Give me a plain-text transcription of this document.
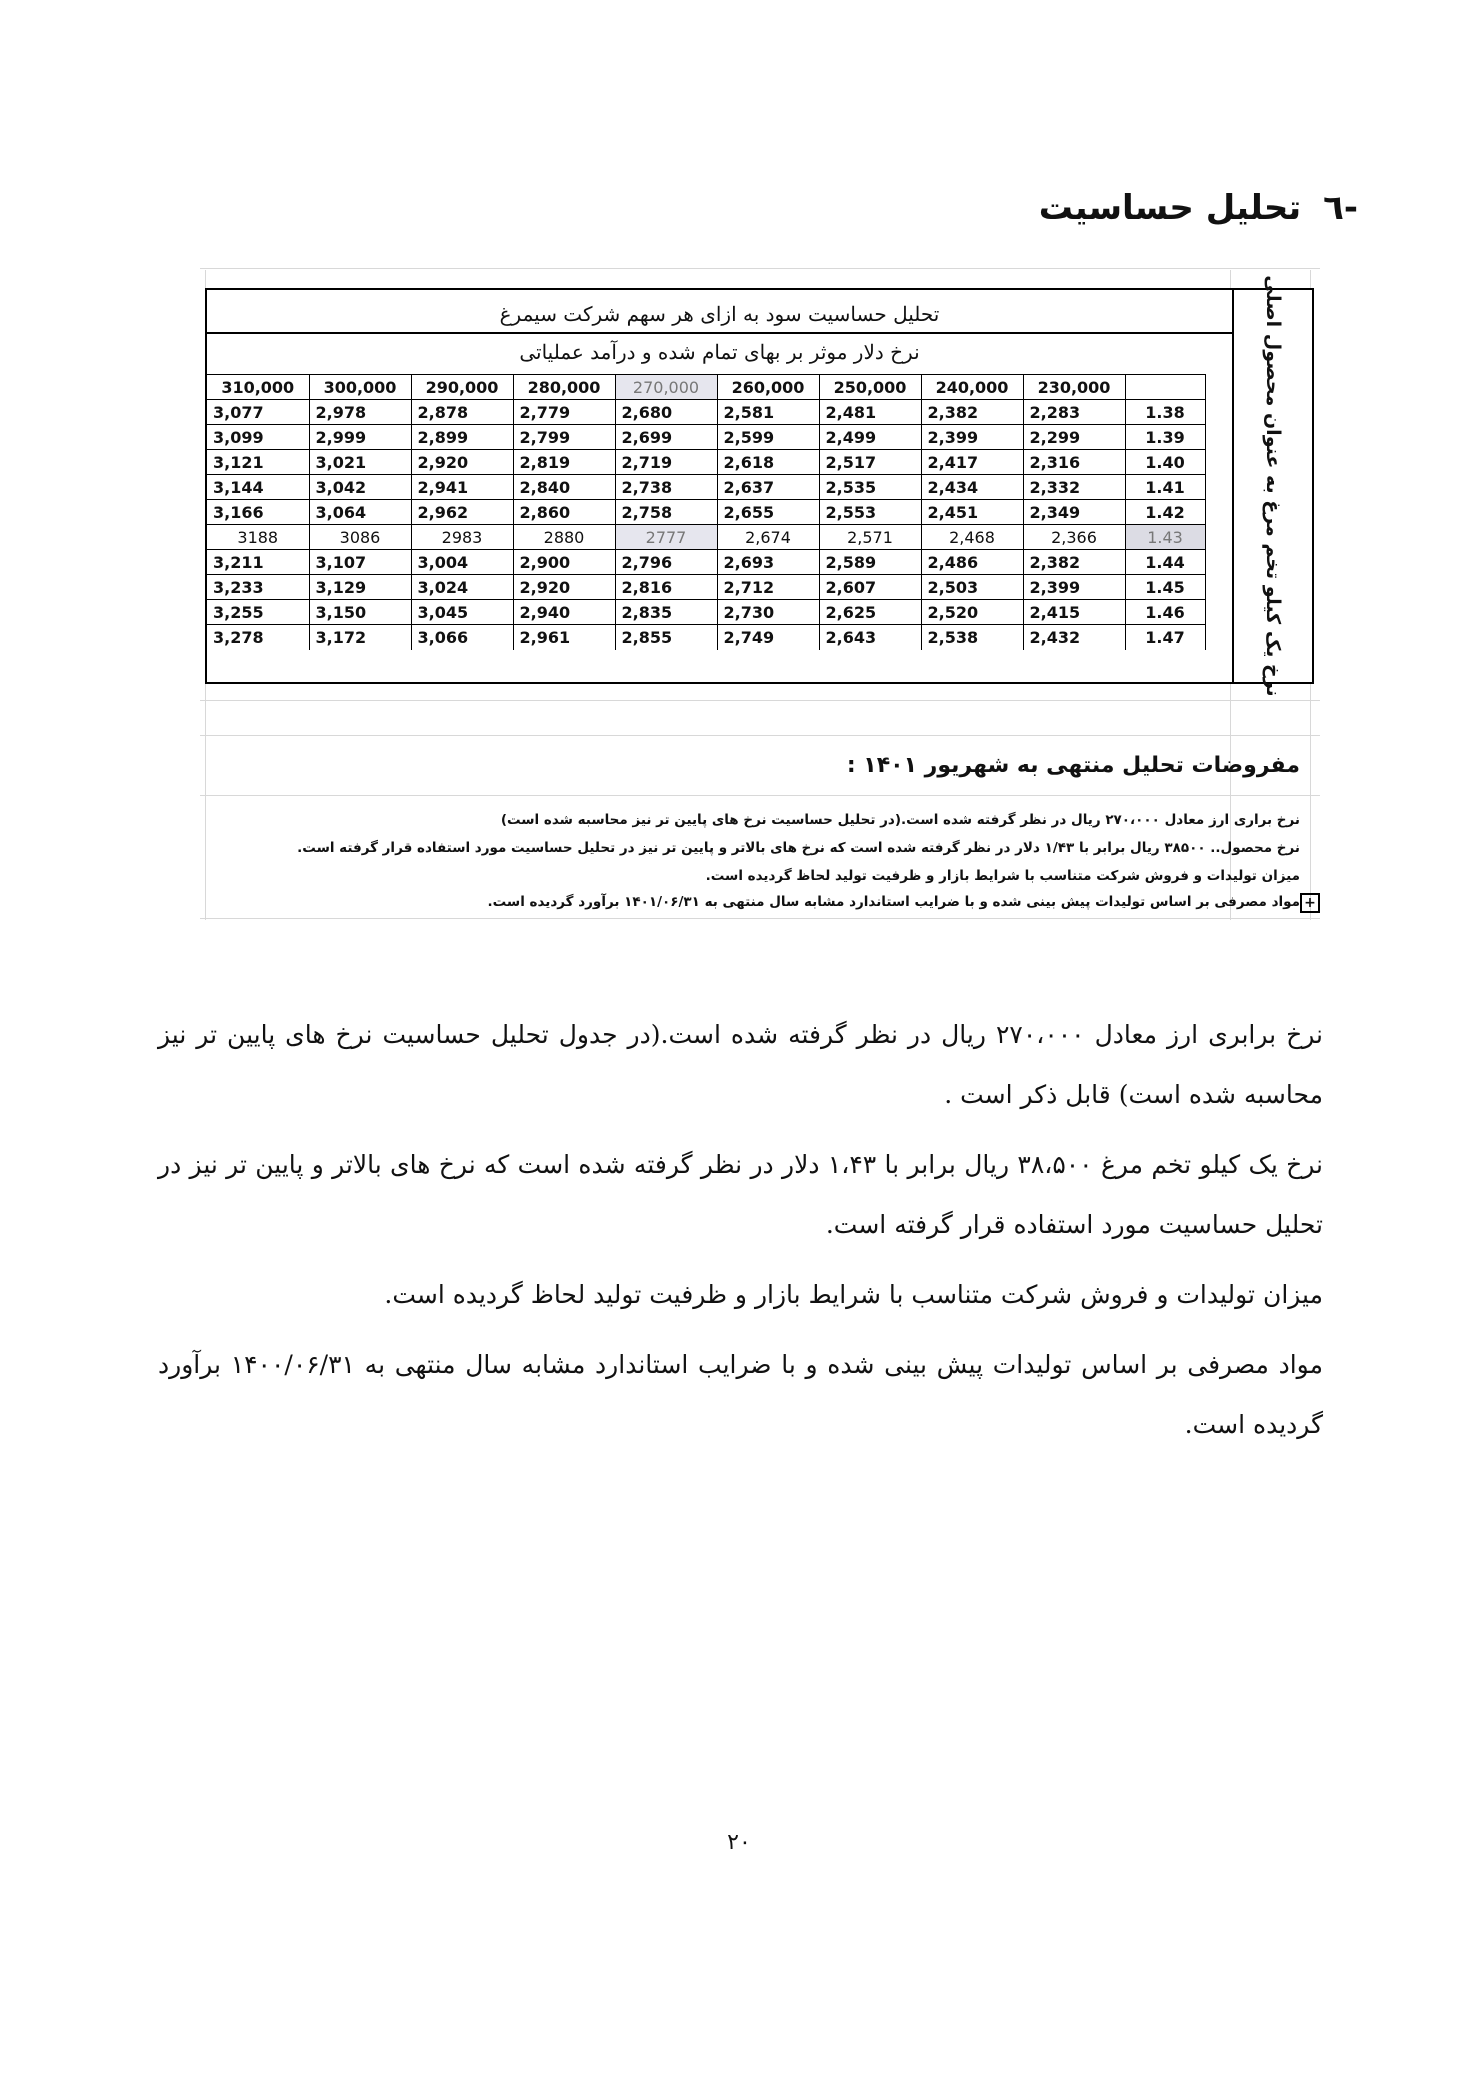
-٦تحلیل حساسیت
تحلیل حساسیت سود به ازای هر سهم شرکت سیمرغ
نرخ دلار موثر بر بهای تمام شده و درآمد عملیاتی
310,000	300,000	290,000	280,000	270,000	260,000	250,000	240,000	230,000	
3,077	2,978	2,878	2,779	2,680	2,581	2,481	2,382	2,283	1.38
3,099	2,999	2,899	2,799	2,699	2,599	2,499	2,399	2,299	1.39
3,121	3,021	2,920	2,819	2,719	2,618	2,517	2,417	2,316	1.40
3,144	3,042	2,941	2,840	2,738	2,637	2,535	2,434	2,332	1.41
3,166	3,064	2,962	2,860	2,758	2,655	2,553	2,451	2,349	1.42
3188	3086	2983	2880	2777	2,674	2,571	2,468	2,366	1.43
3,211	3,107	3,004	2,900	2,796	2,693	2,589	2,486	2,382	1.44
3,233	3,129	3,024	2,920	2,816	2,712	2,607	2,503	2,399	1.45
3,255	3,150	3,045	2,940	2,835	2,730	2,625	2,520	2,415	1.46
3,278	3,172	3,066	2,961	2,855	2,749	2,643	2,538	2,432	1.47	نرخ یک کیلو تخم مرغ به عنوان محصول اصلی
مفروضات تحلیل منتهی به شهریور ۱۴۰۱ :
نرخ براری ارز معادل ۲۷۰،۰۰۰ ریال در نظر گرفته شده است.(در تحلیل حساسیت نرخ های پایین تر نیز محاسبه شده است)
نرخ محصول.. ۳۸۵۰۰ ریال برابر با ۱/۴۳ دلار در نظر گرفته شده است که نرخ های بالاتر و پایین تر نیز در تحلیل حساسیت مورد استفاده قرار گرفته است.
میزان تولیدات و فروش شرکت متناسب با شرایط بازار و ظرفیت تولید لحاظ گردیده است.
مواد مصرفی بر اساس تولیدات پیش بینی شده و با ضرایب استاندارد مشابه سال منتهی به ۱۴۰۱/۰۶/۳۱ برآورد گردیده است. +
نرخ برابری ارز معادل ۲۷۰،۰۰۰ ریال در نظر گرفته شده است.(در جدول تحلیل حساسیت نرخ های پایین تر نیز محاسبه شده است) قابل ذکر است .
نرخ یک کیلو تخم مرغ ۳۸،۵۰۰ ریال برابر با ۱،۴۳ دلار در نظر گرفته شده است که نرخ های بالاتر و پایین تر نیز در تحلیل حساسیت مورد استفاده قرار گرفته است.
میزان تولیدات و فروش شرکت متناسب با شرایط بازار و ظرفیت تولید لحاظ گردیده است.
مواد مصرفی بر اساس تولیدات پیش بینی شده و با ضرایب استاندارد مشابه سال منتهی به ۱۴۰۰/۰۶/۳۱ برآورد گردیده است.
۲۰
